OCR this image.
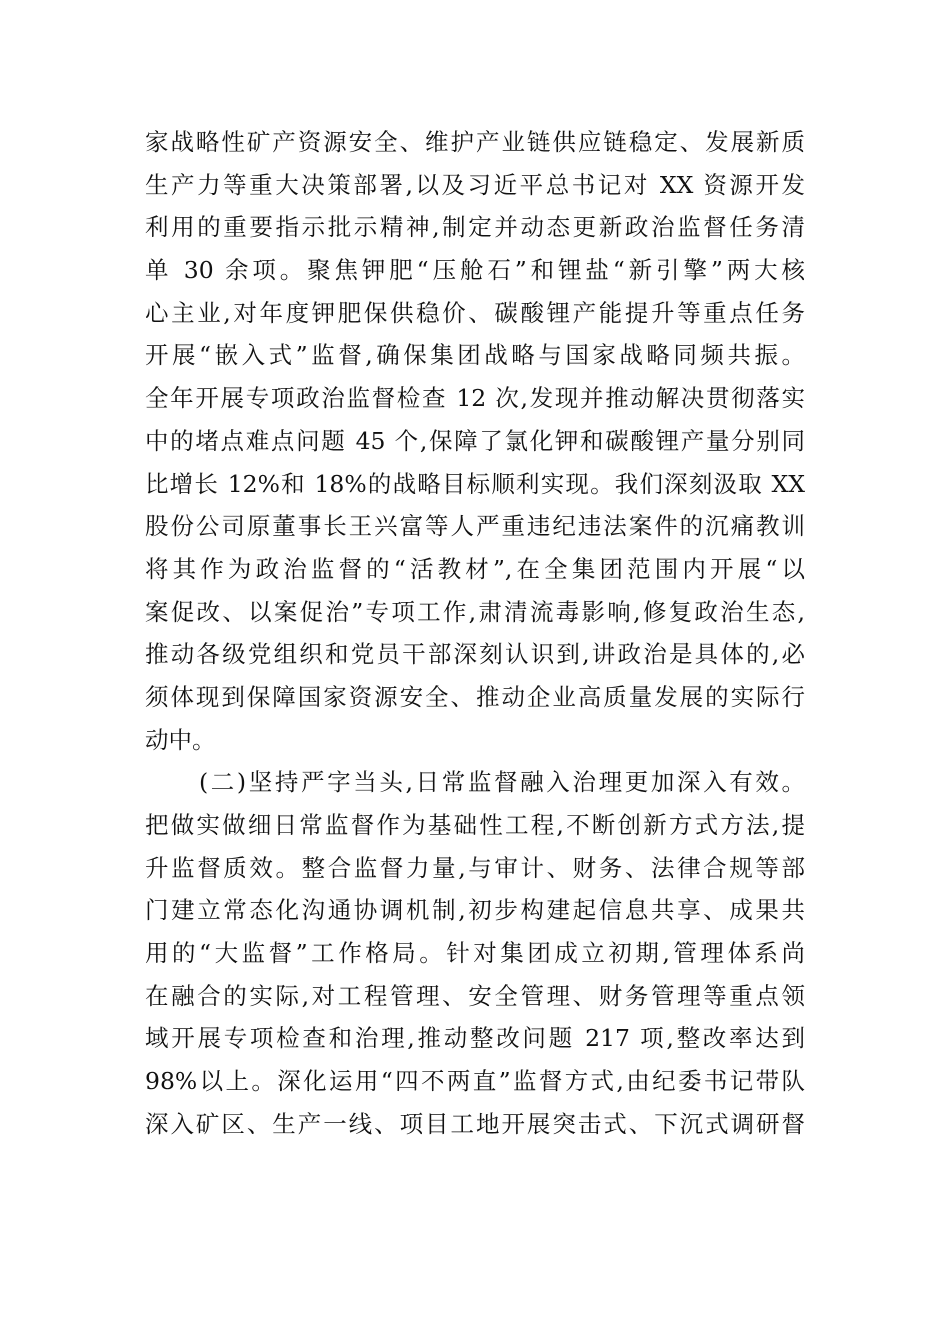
家战略性矿产资源安全、维护产业链供应链稳定、发展新质
生产力等重大决策部署,以及习近平总书记对 XX 资源开发
利用的重要指示批示精神,制定并动态更新政治监督任务清
单 30 余项。聚焦钾肥“压舱石”和锂盐“新引擎”两大核
心主业,对年度钾肥保供稳价、碳酸锂产能提升等重点任务
开展“嵌入式”监督,确保集团战略与国家战略同频共振。
全年开展专项政治监督检查 12 次,发现并推动解决贯彻落实
中的堵点难点问题 45 个,保障了氯化钾和碳酸锂产量分别同
比增长 12%和 18%的战略目标顺利实现。我们深刻汲取 XX
股份公司原董事长王兴富等人严重违纪违法案件的沉痛教训
将其作为政治监督的“活教材”,在全集团范围内开展“以
案促改、以案促治”专项工作,肃清流毒影响,修复政治生态,
推动各级党组织和党员干部深刻认识到,讲政治是具体的,必
须体现到保障国家资源安全、推动企业高质量发展的实际行
动中。
(二)坚持严字当头,日常监督融入治理更加深入有效。
把做实做细日常监督作为基础性工程,不断创新方式方法,提
升监督质效。整合监督力量,与审计、财务、法律合规等部
门建立常态化沟通协调机制,初步构建起信息共享、成果共
用的“大监督”工作格局。针对集团成立初期,管理体系尚
在融合的实际,对工程管理、安全管理、财务管理等重点领
域开展专项检查和治理,推动整改问题 217 项,整改率达到
98%以上。深化运用“四不两直”监督方式,由纪委书记带队
深入矿区、生产一线、项目工地开展突击式、下沉式调研督
